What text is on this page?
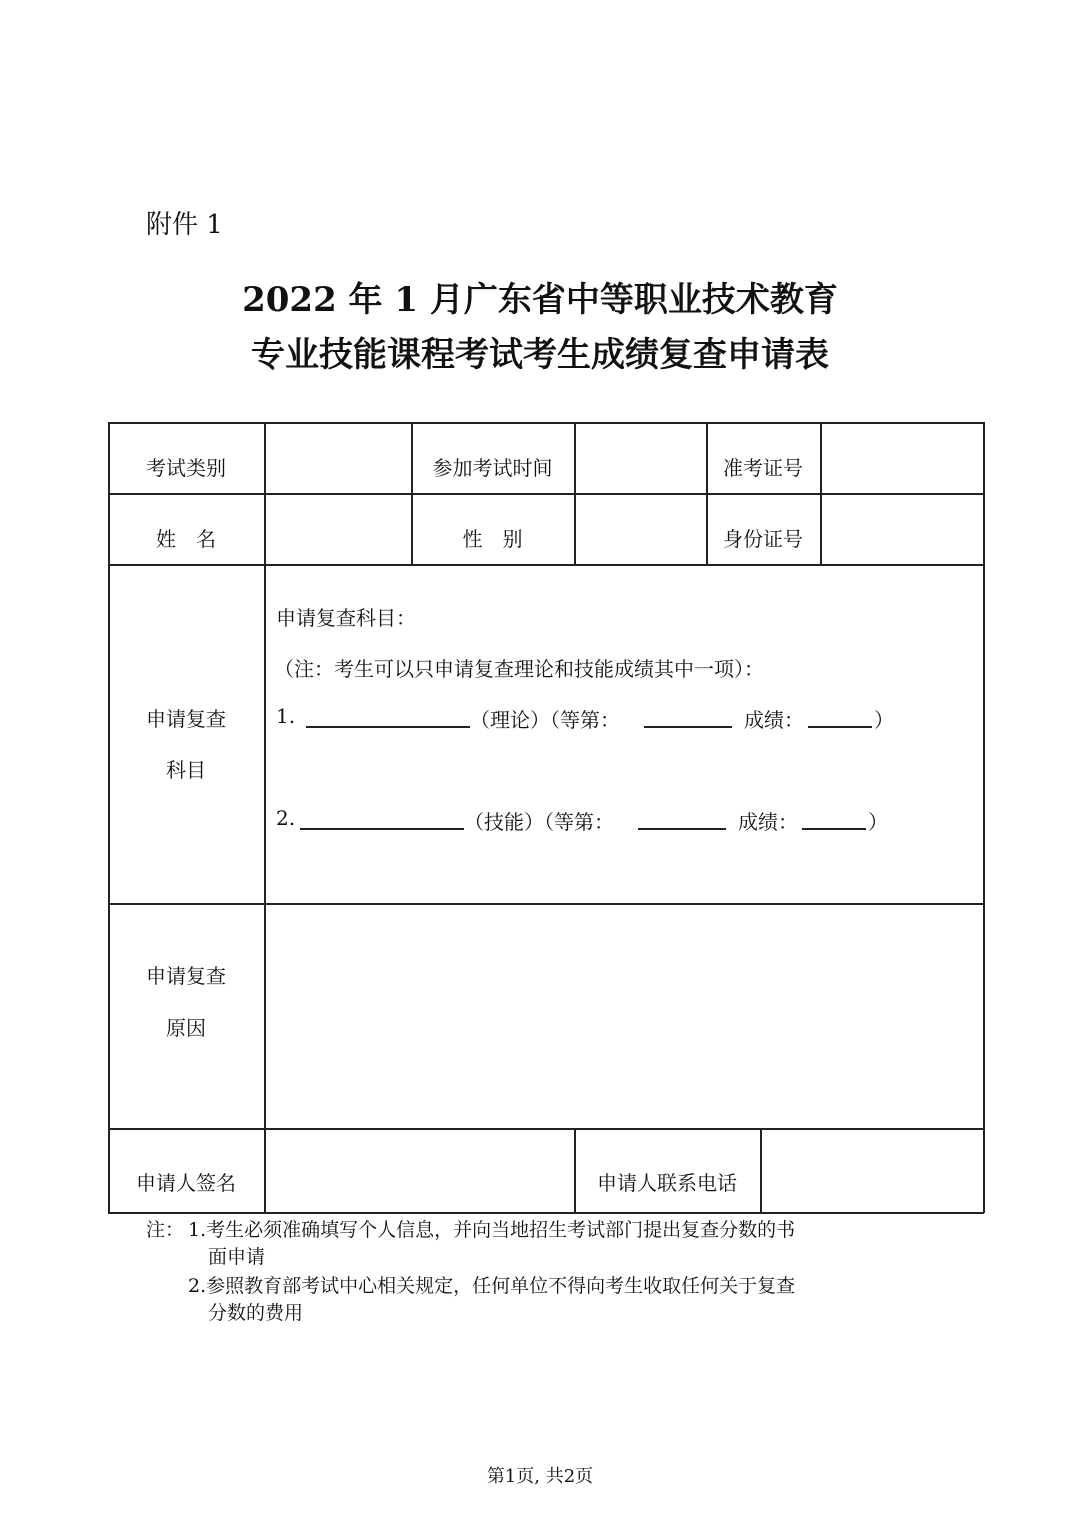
附件 1
2022 年 1 月广东省中等职业技术教育
专业技能课程考试考生成绩复查申请表
考试类别	参加考试时间	准考证号
姓　名	性　别	身份证号
申请复查
科目
申请复查科目：
（注：考生可以只申请复查理论和技能成绩其中一项）：
1.	（理论）（等第：	成绩：	）
2.	（技能）（等第：	成绩：	）
申请复查
原因
申请人签名	申请人联系电话
注： 1.考生必须准确填写个人信息，并向当地招生考试部门提出复查分数的书
面申请
2.参照教育部考试中心相关规定，任何单位不得向考生收取任何关于复查
分数的费用
第1页, 共2页
